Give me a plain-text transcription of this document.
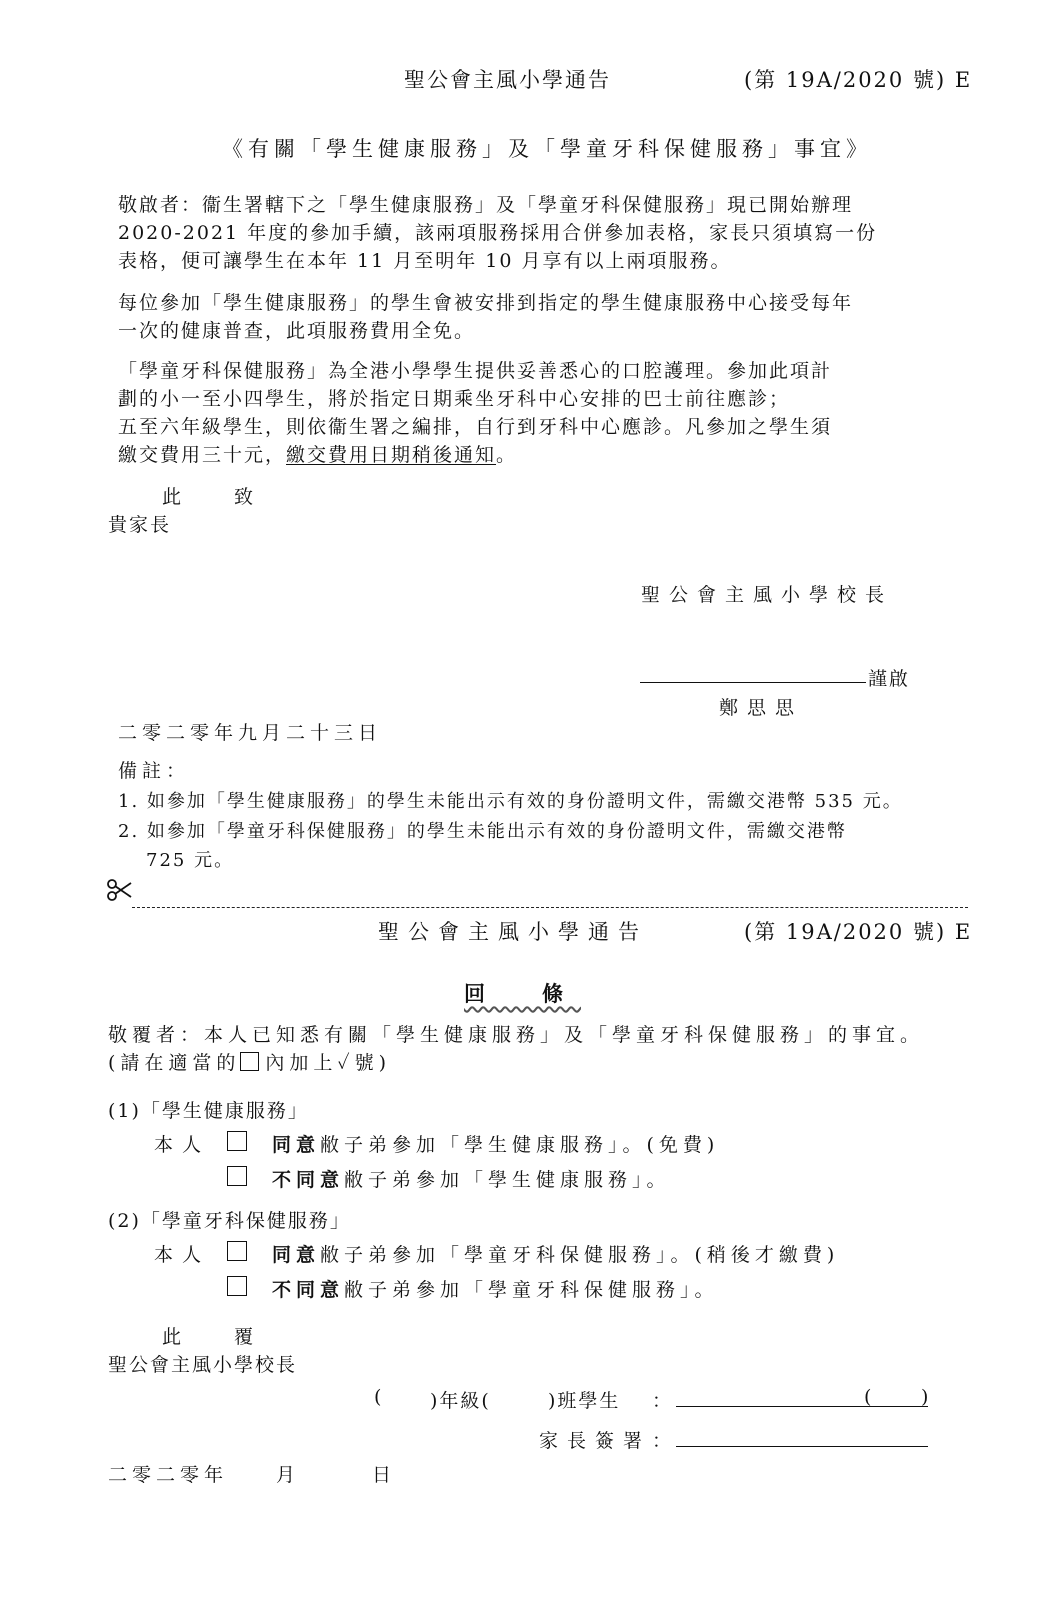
聖公會主風小學通告	(第 19A/2020 號) E
《有關「學生健康服務」及「學童牙科保健服務」事宜》
敬啟者：衞生署轄下之「學生健康服務」及「學童牙科保健服務」現已開始辦理
2020-2021 年度的參加手續，該兩項服務採用合併參加表格，家長只須填寫一份
表格，便可讓學生在本年 11 月至明年 10 月享有以上兩項服務。
每位參加「學生健康服務」的學生會被安排到指定的學生健康服務中心接受每年
一次的健康普查，此項服務費用全免。
「學童牙科保健服務」為全港小學學生提供妥善悉心的口腔護理。參加此項計
劃的小一至小四學生，將於指定日期乘坐牙科中心安排的巴士前往應診；
五至六年級學生，則依衞生署之編排，自行到牙科中心應診。凡參加之學生須
繳交費用三十元，繳交費用日期稍後通知。
此　　致
貴家長
聖公會主風小學校長
謹啟
鄭思思
二零二零年九月二十三日
備註：
1. 如參加「學生健康服務」的學生未能出示有效的身份證明文件，需繳交港幣 535 元。
2. 如參加「學童牙科保健服務」的學生未能出示有效的身份證明文件，需繳交港幣
725 元。
聖公會主風小學通告	(第 19A/2020 號) E
回　條
敬覆者：本人已知悉有關「學生健康服務」及「學童牙科保健服務」的事宜。
(請在適當的 內加上✓號)
(1)「學生健康服務」
本人	同意敝子弟參加「學生健康服務」。(免費)
不同意敝子弟參加「學生健康服務」。
(2)「學童牙科保健服務」
本人	同意敝子弟參加「學童牙科保健服務」。(稍後才繳費)
不同意敝子弟參加「學童牙科保健服務」。
此　　覆
聖公會主風小學校長
(	)年級(	)班學生 ：	(	)
家長簽署 ：
二零二零年　　月　　　日
